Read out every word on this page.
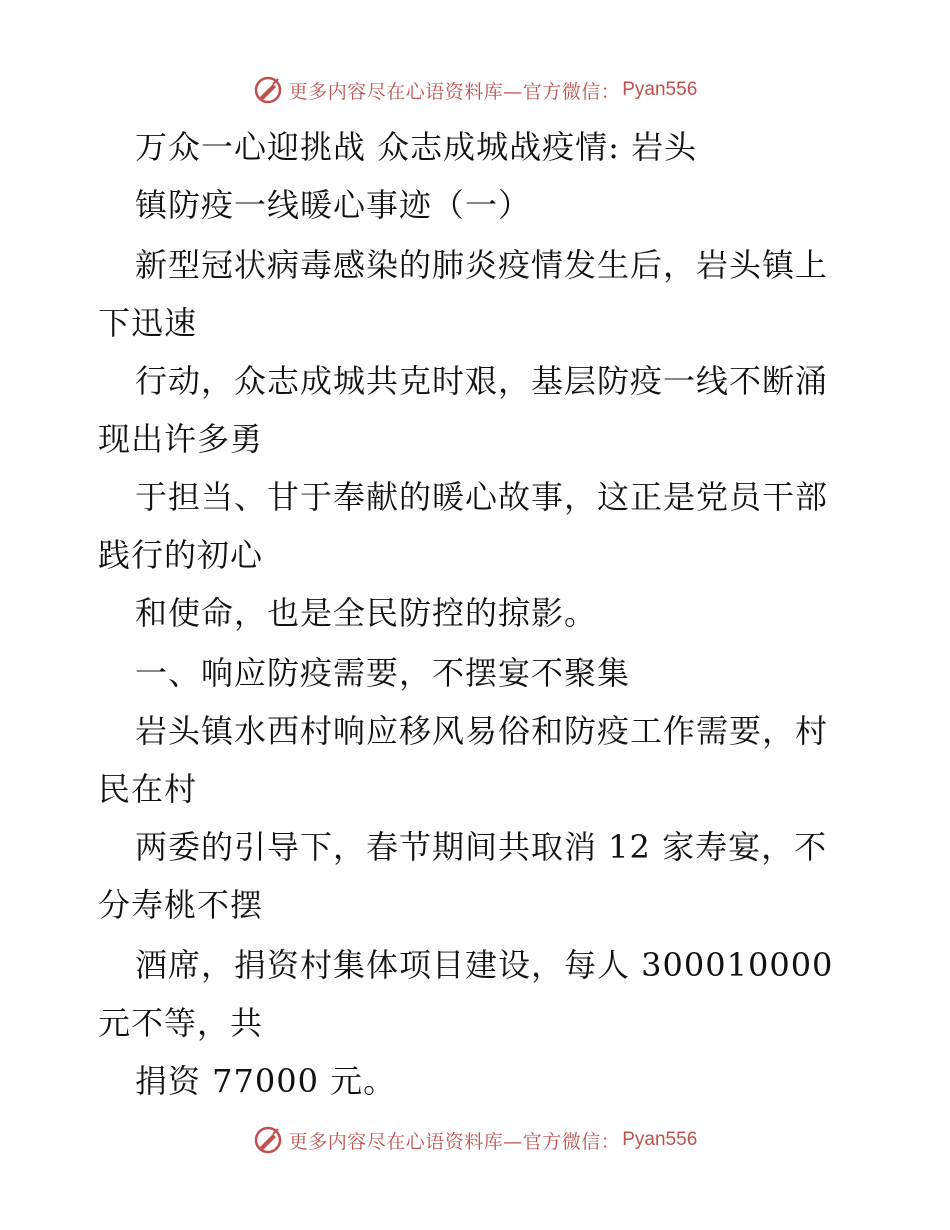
更多内容尽在心语资料库—官方微信： Pyan556
万众一心迎挑战 众志成城战疫情: 岩头
镇防疫一线暖心事迹（一）
新型冠状病毒感染的肺炎疫情发生后，岩头镇上
下迅速
行动，众志成城共克时艰，基层防疫一线不断涌
现出许多勇
于担当、甘于奉献的暖心故事，这正是党员干部
践行的初心
和使命，也是全民防控的掠影。
一、响应防疫需要，不摆宴不聚集
岩头镇水西村响应移风易俗和防疫工作需要，村
民在村
两委的引导下，春节期间共取消 12 家寿宴，不
分寿桃不摆
酒席，捐资村集体项目建设，每人 300010000
元不等，共
捐资 77000 元。
更多内容尽在心语资料库—官方微信： Pyan556
